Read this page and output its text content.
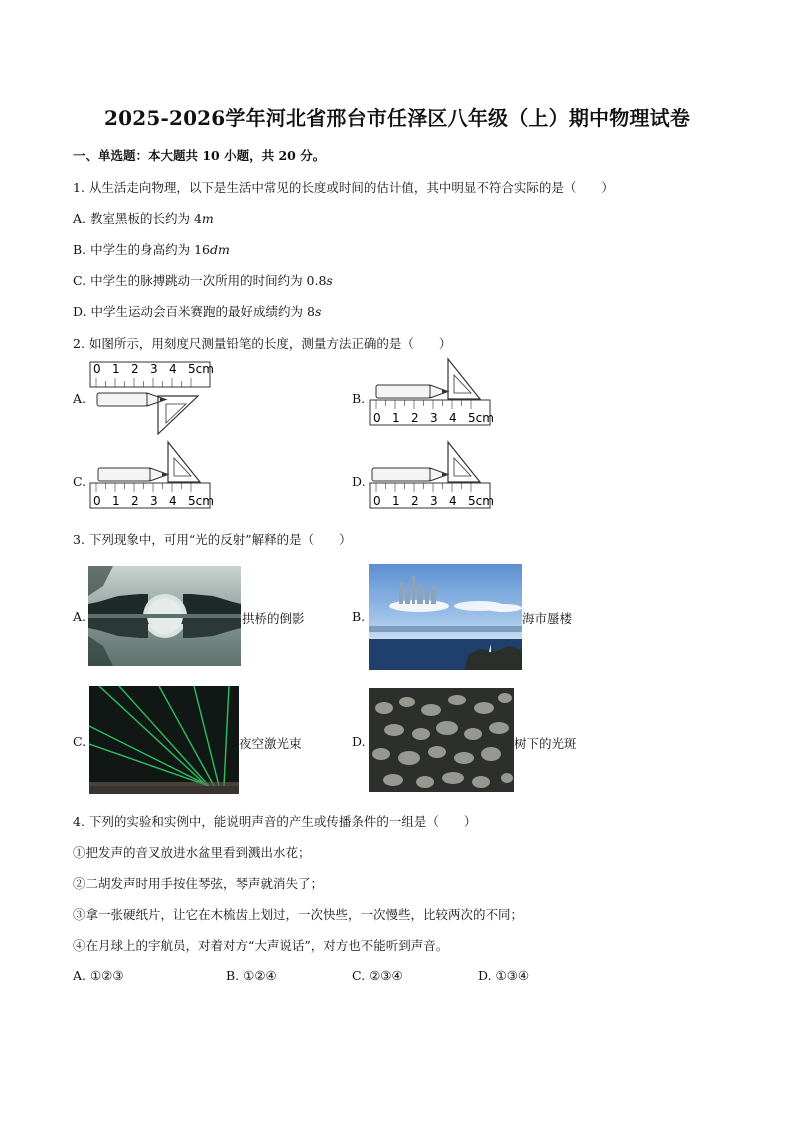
2025-2026学年河北省邢台市任泽区八年级（上）期中物理试卷
一、单选题：本大题共 10 小题，共 20 分。
1. 从生活走向物理，以下是生活中常见的长度或时间的估计值，其中明显不符合实际的是（　　）
A. 教室黑板的长约为 4m
B. 中学生的身高约为 16dm
C. 中学生的脉搏跳动一次所用的时间约为 0.8s
D. 中学生运动会百米赛跑的最好成绩约为 8s
2. 如图所示，用刻度尺测量铅笔的长度，测量方法正确的是（　　）
A.	B.
C.	D.
0 1 2 3 4 5cm
0 1 2 3 4 5cm
0 1 2 3 4 5cm	0 1 2 3 4 5cm
3. 下列现象中，可用“光的反射”解释的是（　　）
A.	拱桥的倒影	B.	海市蜃楼
C.	夜空激光束	D.	树下的光斑
4. 下列的实验和实例中，能说明声音的产生或传播条件的一组是（　　）
①把发声的音叉放进水盆里看到溅出水花；
②二胡发声时用手按住琴弦，琴声就消失了；
③拿一张硬纸片，让它在木梳齿上划过，一次快些，一次慢些，比较两次的不同；
④在月球上的宇航员，对着对方“大声说话”，对方也不能听到声音。
A. ①②③	B. ①②④	C. ②③④	D. ①③④
